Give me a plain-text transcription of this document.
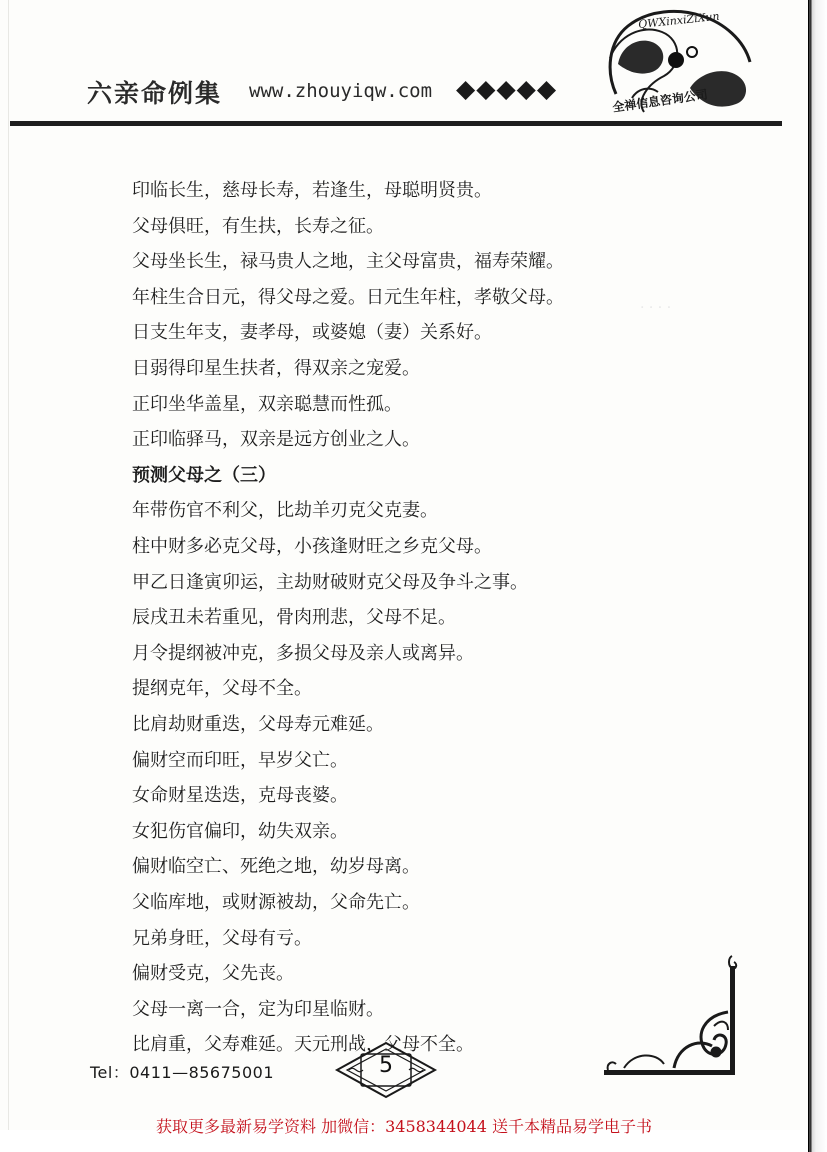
六亲命例集 www.zhouyiqw.com ◆◆◆◆◆
QWXinxiZiXun
全禅信息咨询公司
· · · ·
印临长生，慈母长寿，若逢生，母聪明贤贵。
父母俱旺，有生扶，长寿之征。
父母坐长生，禄马贵人之地，主父母富贵，福寿荣耀。
年柱生合日元，得父母之爱。日元生年柱，孝敬父母。
日支生年支，妻孝母，或婆媳（妻）关系好。
日弱得印星生扶者，得双亲之宠爱。
正印坐华盖星，双亲聪慧而性孤。
正印临驿马，双亲是远方创业之人。
预测父母之（三）
年带伤官不利父，比劫羊刃克父克妻。
柱中财多必克父母，小孩逢财旺之乡克父母。
甲乙日逢寅卯运，主劫财破财克父母及争斗之事。
辰戌丑未若重见，骨肉刑悲，父母不足。
月令提纲被冲克，多损父母及亲人或离异。
提纲克年，父母不全。
比肩劫财重迭，父母寿元难延。
偏财空而印旺，早岁父亡。
女命财星迭迭，克母丧婆。
女犯伤官偏印，幼失双亲。
偏财临空亡、死绝之地，幼岁母离。
父临库地，或财源被劫，父命先亡。
兄弟身旺，父母有亏。
偏财受克，父先丧。
父母一离一合，定为印星临财。
比肩重，父寿难延。天元刑战，父母不全。
Tel：0411—85675001	5
获取更多最新易学资料 加微信：3458344044 送千本精品易学电子书
